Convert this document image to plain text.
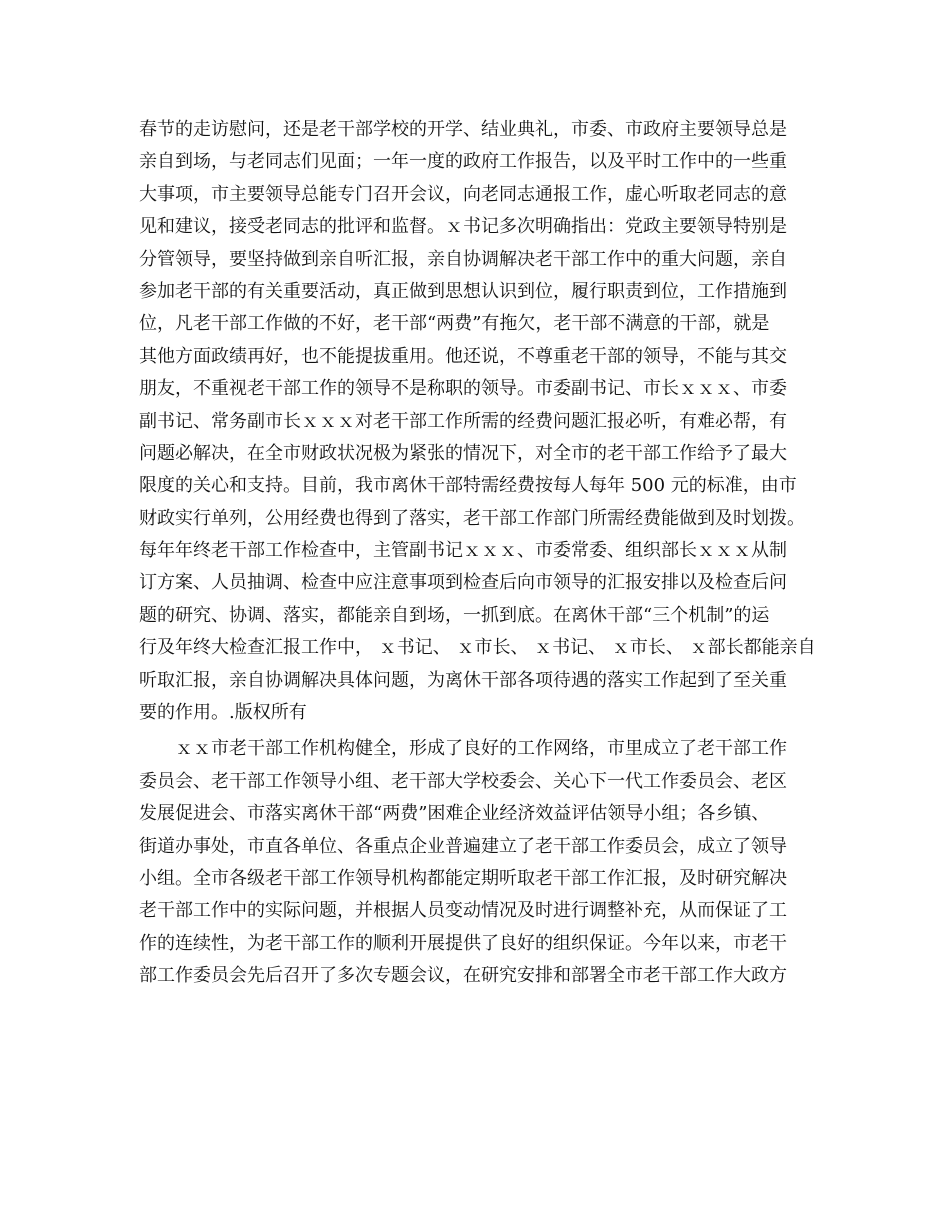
春节的走访慰问，还是老干部学校的开学、结业典礼，市委、市政府主要领导总是
亲自到场，与老同志们见面；一年一度的政府工作报告，以及平时工作中的一些重
大事项，市主要领导总能专门召开会议，向老同志通报工作，虚心听取老同志的意
见和建议，接受老同志的批评和监督。ｘ书记多次明确指出：党政主要领导特别是
分管领导，要坚持做到亲自听汇报，亲自协调解决老干部工作中的重大问题，亲自
参加老干部的有关重要活动，真正做到思想认识到位，履行职责到位，工作措施到
位，凡老干部工作做的不好，老干部“两费”有拖欠，老干部不满意的干部，就是
其他方面政绩再好，也不能提拔重用。他还说，不尊重老干部的领导，不能与其交
朋友，不重视老干部工作的领导不是称职的领导。市委副书记、市长ｘｘｘ、市委
副书记、常务副市长ｘｘｘ对老干部工作所需的经费问题汇报必听，有难必帮，有
问题必解决，在全市财政状况极为紧张的情况下，对全市的老干部工作给予了最大
限度的关心和支持。目前，我市离休干部特需经费按每人每年 500 元的标准，由市
财政实行单列，公用经费也得到了落实，老干部工作部门所需经费能做到及时划拨。
每年年终老干部工作检查中，主管副书记ｘｘｘ、市委常委、组织部长ｘｘｘ从制
订方案、人员抽调、检查中应注意事项到检查后向市领导的汇报安排以及检查后问
题的研究、协调、落实，都能亲自到场，一抓到底。在离休干部“三个机制”的运
行及年终大检查汇报工作中， ｘ书记、 ｘ市长、 ｘ书记、 ｘ市长、 ｘ部长都能亲自
听取汇报，亲自协调解决具体问题，为离休干部各项待遇的落实工作起到了至关重
要的作用。.版权所有
　　ｘｘ市老干部工作机构健全，形成了良好的工作网络，市里成立了老干部工作
委员会、老干部工作领导小组、老干部大学校委会、关心下一代工作委员会、老区
发展促进会、市落实离休干部“两费”困难企业经济效益评估领导小组；各乡镇、
街道办事处，市直各单位、各重点企业普遍建立了老干部工作委员会，成立了领导
小组。全市各级老干部工作领导机构都能定期听取老干部工作汇报，及时研究解决
老干部工作中的实际问题，并根据人员变动情况及时进行调整补充，从而保证了工
作的连续性，为老干部工作的顺利开展提供了良好的组织保证。今年以来，市老干
部工作委员会先后召开了多次专题会议，在研究安排和部署全市老干部工作大政方
